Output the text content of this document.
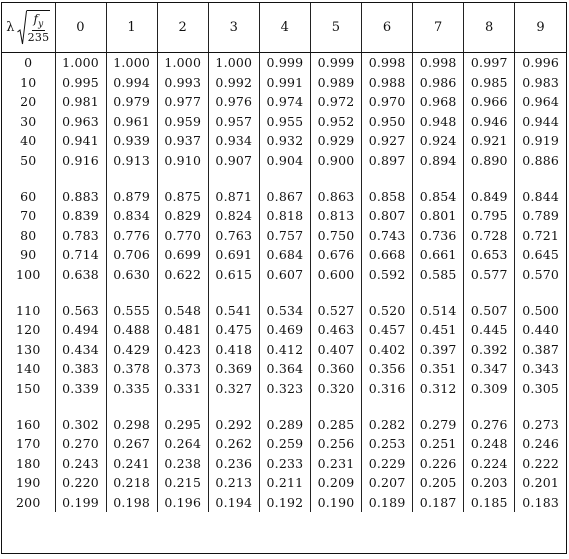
λ $\frac{f_y}{235}$	0	1	2	3	4	5	6	7	8	9
0	1.000	1.000	1.000	1.000	0.999	0.999	0.998	0.998	0.997	0.996
10	0.995	0.994	0.993	0.992	0.991	0.989	0.988	0.986	0.985	0.983
20	0.981	0.979	0.977	0.976	0.974	0.972	0.970	0.968	0.966	0.964
30	0.963	0.961	0.959	0.957	0.955	0.952	0.950	0.948	0.946	0.944
40	0.941	0.939	0.937	0.934	0.932	0.929	0.927	0.924	0.921	0.919
50	0.916	0.913	0.910	0.907	0.904	0.900	0.897	0.894	0.890	0.886

60	0.883	0.879	0.875	0.871	0.867	0.863	0.858	0.854	0.849	0.844
70	0.839	0.834	0.829	0.824	0.818	0.813	0.807	0.801	0.795	0.789
80	0.783	0.776	0.770	0.763	0.757	0.750	0.743	0.736	0.728	0.721
90	0.714	0.706	0.699	0.691	0.684	0.676	0.668	0.661	0.653	0.645
100	0.638	0.630	0.622	0.615	0.607	0.600	0.592	0.585	0.577	0.570

110	0.563	0.555	0.548	0.541	0.534	0.527	0.520	0.514	0.507	0.500
120	0.494	0.488	0.481	0.475	0.469	0.463	0.457	0.451	0.445	0.440
130	0.434	0.429	0.423	0.418	0.412	0.407	0.402	0.397	0.392	0.387
140	0.383	0.378	0.373	0.369	0.364	0.360	0.356	0.351	0.347	0.343
150	0.339	0.335	0.331	0.327	0.323	0.320	0.316	0.312	0.309	0.305

160	0.302	0.298	0.295	0.292	0.289	0.285	0.282	0.279	0.276	0.273
170	0.270	0.267	0.264	0.262	0.259	0.256	0.253	0.251	0.248	0.246
180	0.243	0.241	0.238	0.236	0.233	0.231	0.229	0.226	0.224	0.222
190	0.220	0.218	0.215	0.213	0.211	0.209	0.207	0.205	0.203	0.201
200	0.199	0.198	0.196	0.194	0.192	0.190	0.189	0.187	0.185	0.183
